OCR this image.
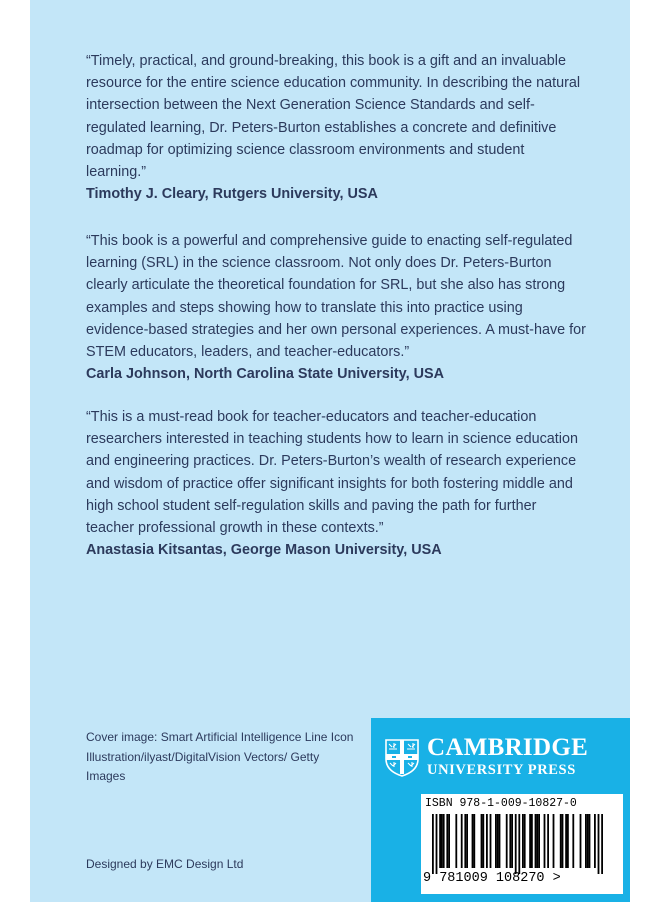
“Timely, practical, and ground-breaking, this book is a gift and an invaluable resource for the entire science education community. In describing the natural intersection between the Next Generation Science Standards and self-regulated learning, Dr. Peters-Burton establishes a concrete and definitive roadmap for optimizing science classroom environments and student learning.”
Timothy J. Cleary, Rutgers University, USA
“This book is a powerful and comprehensive guide to enacting self-regulated learning (SRL) in the science classroom. Not only does Dr. Peters-Burton clearly articulate the theoretical foundation for SRL, but she also has strong examples and steps showing how to translate this into practice using evidence-based strategies and her own personal experiences. A must-have for STEM educators, leaders, and teacher-educators.”
Carla Johnson, North Carolina State University, USA
“This is a must-read book for teacher-educators and teacher-education researchers interested in teaching students how to learn in science education and engineering practices. Dr. Peters-Burton’s wealth of research experience and wisdom of practice offer significant insights for both fostering middle and high school student self-regulation skills and paving the path for further teacher professional growth in these contexts.”
Anastasia Kitsantas, George Mason University, USA
Cover image: Smart Artificial Intelligence Line Icon Illustration/ilyast/DigitalVision Vectors/ Getty Images
Designed by EMC Design Ltd
CAMBRIDGE
UNIVERSITY PRESS
ISBN 978-1-009-10827-0
9 781009 108270 >
